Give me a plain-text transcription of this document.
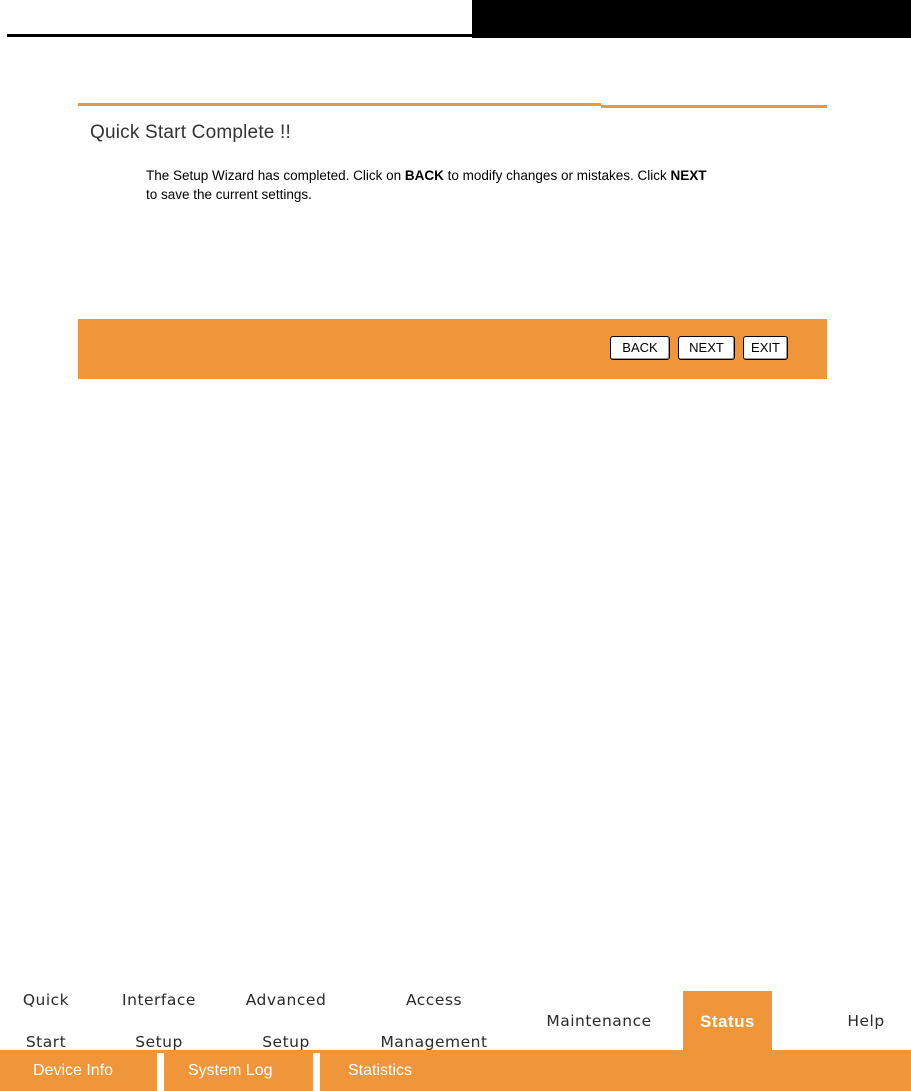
Quick Start Complete !!
The Setup Wizard has completed. Click on BACK to modify changes or mistakes. Click NEXT
to save the current settings.
BACK	NEXT	EXIT

Quick

Start

Interface

Setup

Advanced

Setup

Access

Management

Maintenance	Status	Help
Device Info	System Log	Statistics
